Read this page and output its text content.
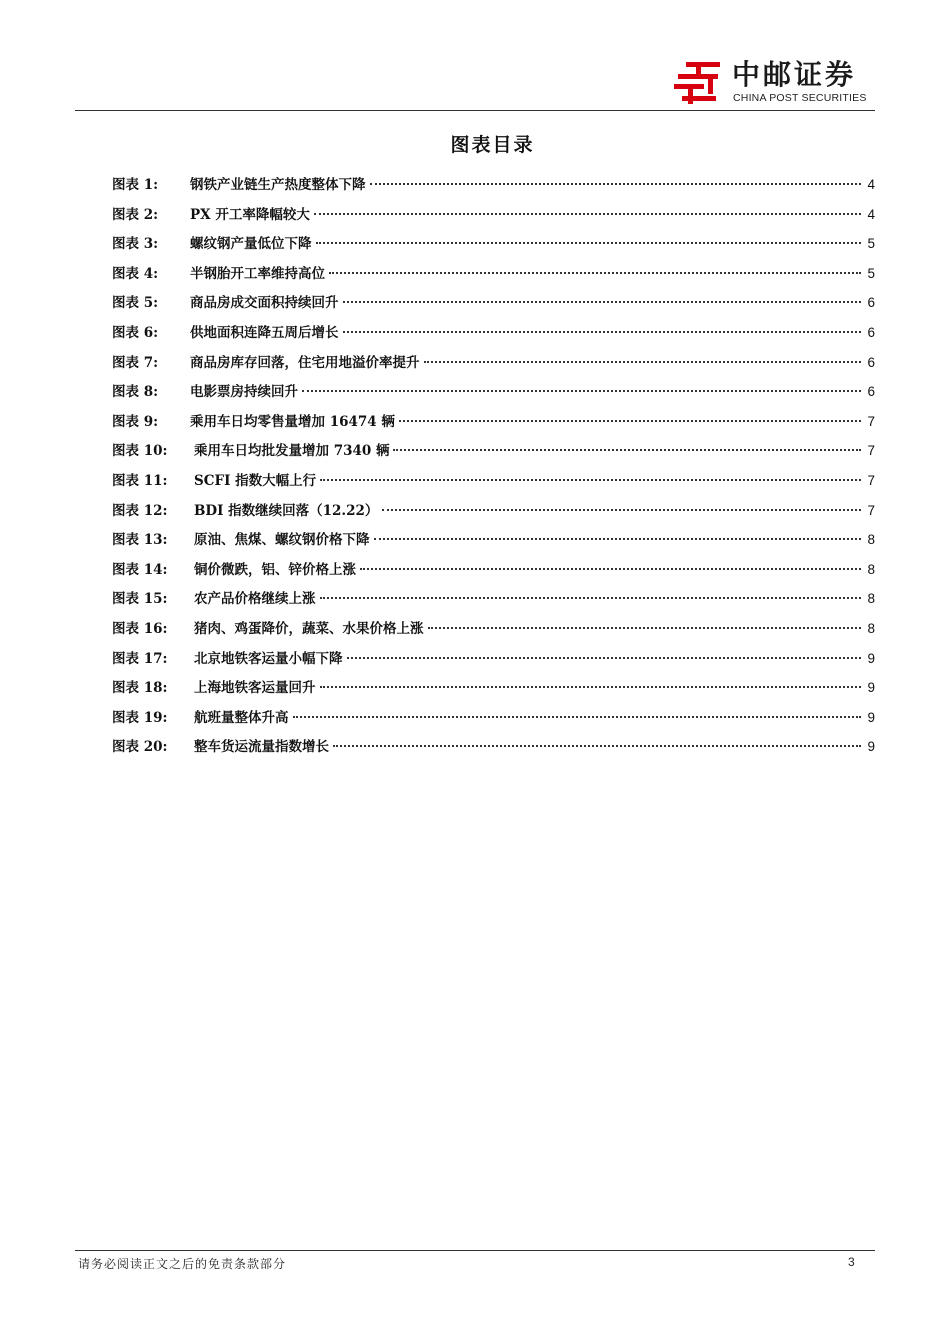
中邮证券
CHINA POST SECURITIES
图表目录
图表 1:	钢铁产业链生产热度整体下降	4
图表 2:	PX 开工率降幅较大	4
图表 3:	螺纹钢产量低位下降	5
图表 4:	半钢胎开工率维持高位	5
图表 5:	商品房成交面积持续回升	6
图表 6:	供地面积连降五周后增长	6
图表 7:	商品房库存回落，住宅用地溢价率提升	6
图表 8:	电影票房持续回升	6
图表 9:	乘用车日均零售量增加 16474 辆	7
图表 10:	乘用车日均批发量增加 7340 辆	7
图表 11:	SCFI 指数大幅上行	7
图表 12:	BDI 指数继续回落（12.22）	7
图表 13:	原油、焦煤、螺纹钢价格下降	8
图表 14:	铜价微跌，铝、锌价格上涨	8
图表 15:	农产品价格继续上涨	8
图表 16:	猪肉、鸡蛋降价，蔬菜、水果价格上涨	8
图表 17:	北京地铁客运量小幅下降	9
图表 18:	上海地铁客运量回升	9
图表 19:	航班量整体升高	9
图表 20:	整车货运流量指数增长	9
请务必阅读正文之后的免责条款部分	3
